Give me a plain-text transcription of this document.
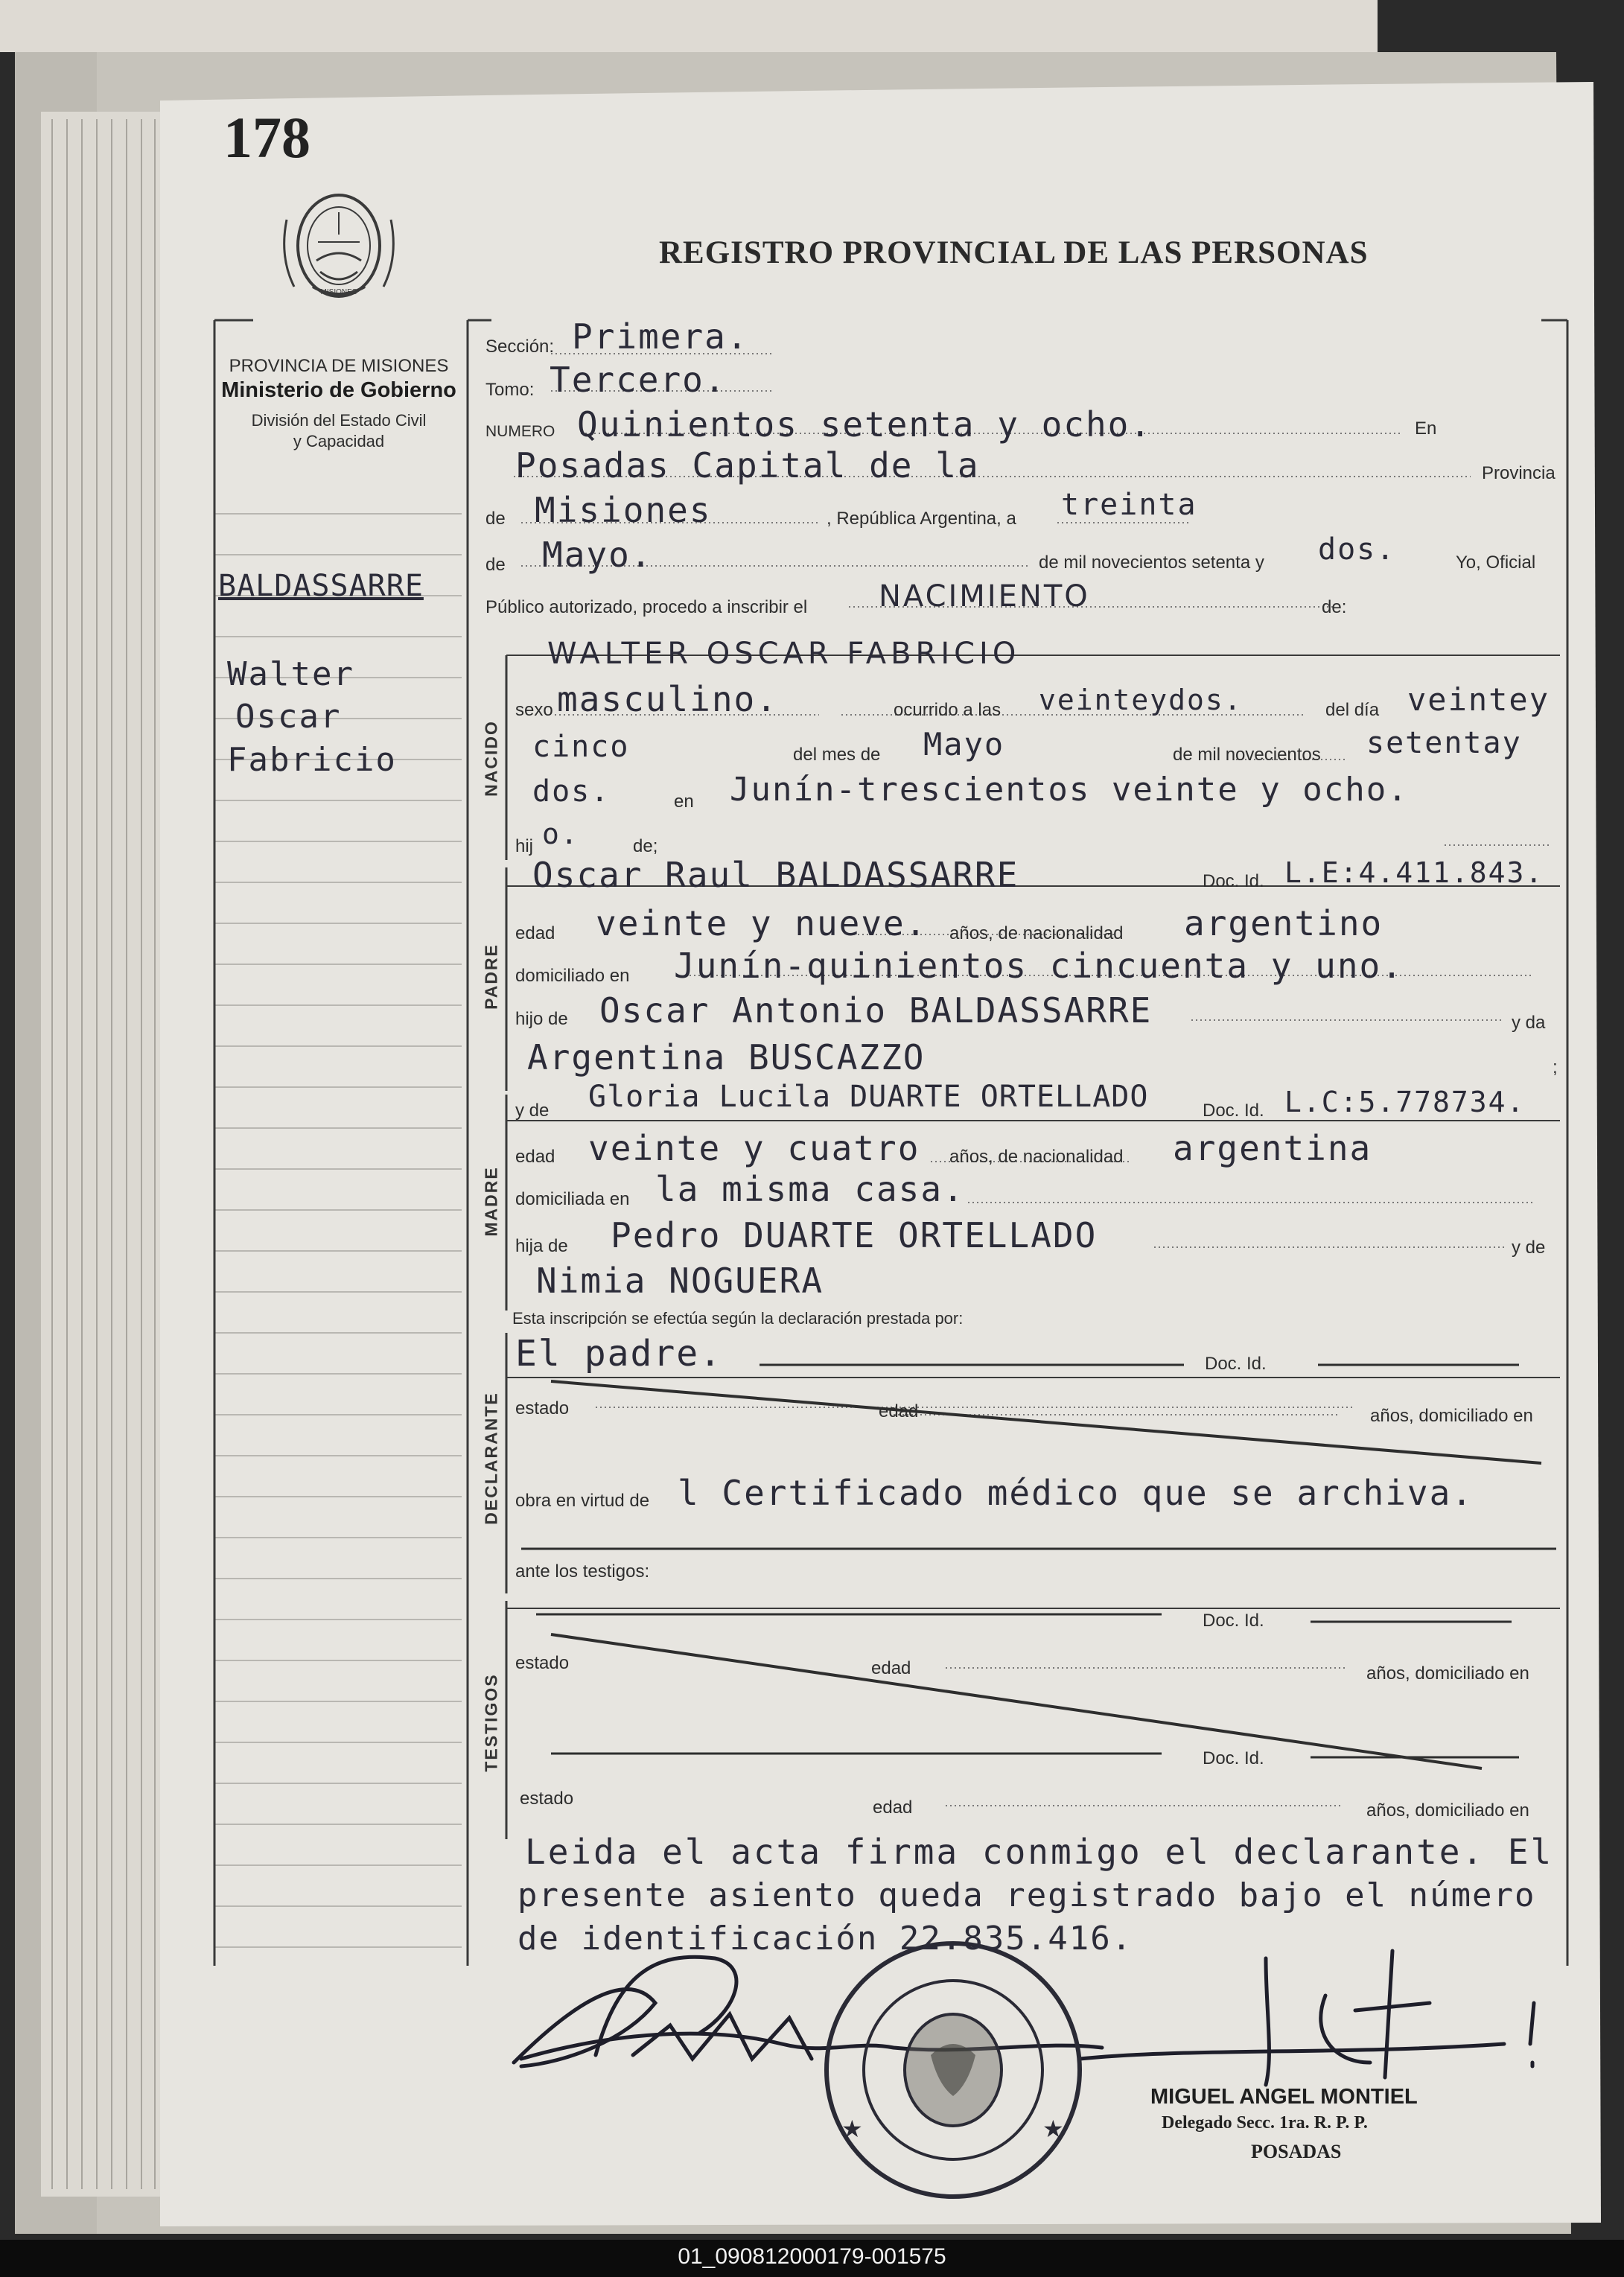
MISIONES
★	★
178
REGISTRO PROVINCIAL DE LAS PERSONAS
PROVINCIA DE MISIONES
Ministerio de Gobierno
División del Estado Civil
y Capacidad
BALDASSARRE
Walter
Oscar
Fabricio
Sección: Primera.
Tomo: Tercero.
NUMERO Quinientos setenta y ocho.	En
Posadas Capital de la	Provincia
de Misiones	, República Argentina, a treinta
de Mayo.	de mil novecientos setenta y dos.	Yo, Oficial
Público autorizado, procedo a inscribir el NACIMIENTO	de:
NACIDO
WALTER OSCAR FABRICIO
sexo masculino.	ocurrido a las veinteydos.	del día veintey
cinco	del mes de Mayo	de mil novecientos setentay
dos.	en Junín-trescientos veinte y ocho.
hij o.	de;
PADRE
Oscar Raul BALDASSARRE	Doc. Id. L.E:4.411.843.
edad veinte y nueve. años, de nacionalidad argentino
domiciliado en Junín-quinientos cincuenta y uno.
hijo de Oscar Antonio BALDASSARRE	y da
Argentina BUSCAZZO	;
MADRE
y de Gloria Lucila DUARTE ORTELLADO	Doc. Id. L.C:5.778734.
edad veinte y cuatro años, de nacionalidad argentina
domiciliada en la misma casa.
hija de Pedro DUARTE ORTELLADO	y de
Nimia NOGUERA
DECLARANTE
Esta inscripción se efectúa según la declaración prestada por:
El padre.	Doc. Id.
estado	edad	años, domiciliado en
obra en virtud de l Certificado médico que se archiva.
ante los testigos:
TESTIGOS
Doc. Id.
estado	edad	años, domiciliado en
Doc. Id.
estado	edad	años, domiciliado en
Leida el acta firma conmigo el declarante. El
presente asiento queda registrado bajo el número
de identificación 22.835.416.
MIGUEL ANGEL MONTIEL
Delegado Secc. 1ra. R. P. P.
POSADAS
01_090812000179-001575
